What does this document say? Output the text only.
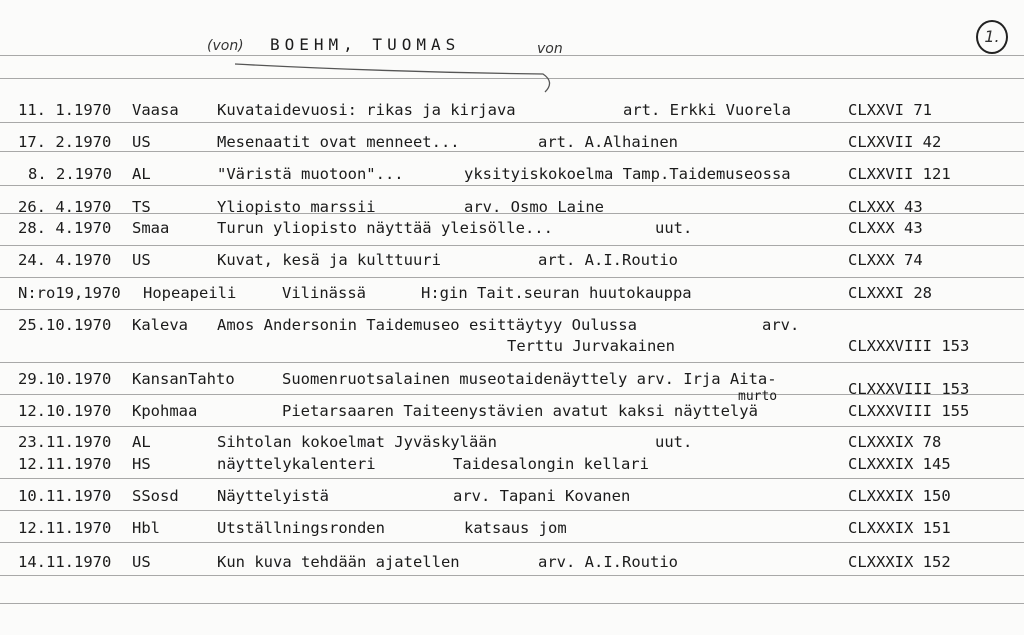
(von) BOEHM, TUOMAS	von
1.
11. 1.1970 Vaasa Kuvataidevuosi: rikas ja kirjava	art. Erkki Vuorela	CLXXVI 71
17. 2.1970 US	Mesenaatit ovat menneet...	art. A.Alhainen	CLXXVII 42
8. 2.1970 AL	"Väristä muotoon"...	yksityiskokoelma Tamp.Taidemuseossa	CLXXVII 121
26. 4.1970 TS	Yliopisto marssii	arv. Osmo Laine	CLXXX 43
28. 4.1970 Smaa	Turun yliopisto näyttää yleisölle...	uut.	CLXXX 43
24. 4.1970 US	Kuvat, kesä ja kulttuuri	art. A.I.Routio	CLXXX 74
N:ro19,1970 Hopeapeili	Vilinässä	H:gin Tait.seuran huutokauppa	CLXXXI 28
25.10.1970 Kaleva Amos Andersonin Taidemuseo esittäytyy Oulussa	arv.
Terttu Jurvakainen	CLXXXVIII 153
29.10.1970 KansanTahto	Suomenruotsalainen museotaidenäyttely arv. Irja Aita-
murto	CLXXXVIII 153
12.10.1970 Kpohmaa	Pietarsaaren Taiteenystävien avatut kaksi näyttelyä	CLXXXVIII 155
23.11.1970 AL	Sihtolan kokoelmat Jyväskylään	uut.	CLXXXIX 78
12.11.1970 HS	näyttelykalenteri	Taidesalongin kellari	CLXXXIX 145
10.11.1970 SSosd Näyttelyistä	arv. Tapani Kovanen	CLXXXIX 150
12.11.1970 Hbl	Utställningsronden	katsaus jom	CLXXXIX 151
14.11.1970 US	Kun kuva tehdään ajatellen	arv. A.I.Routio	CLXXXIX 152
